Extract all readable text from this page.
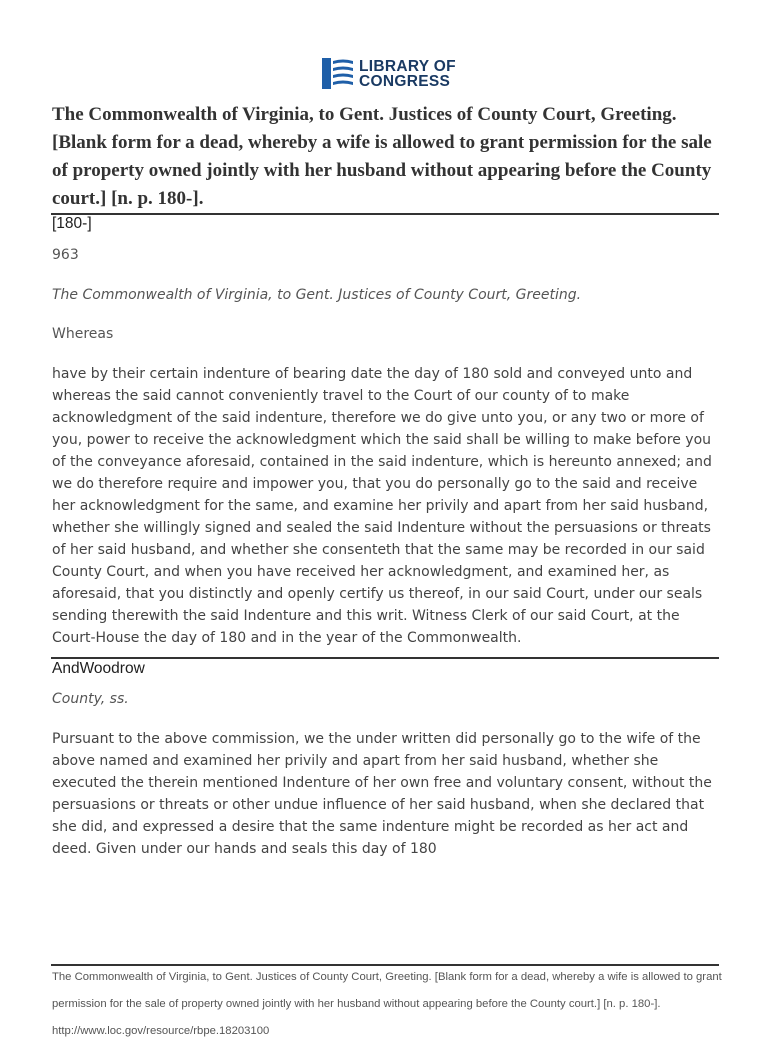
LIBRARY OF
CONGRESS
The Commonwealth of Virginia, to Gent. Justices of County Court, Greeting. [Blank form for a dead, whereby a wife is allowed to grant permission for the sale of property owned jointly with her husband without appearing before the County court.] [n. p. 180-].
[180-]
963
The Commonwealth of Virginia, to Gent. Justices of County Court, Greeting.
Whereas

have by their certain indenture of bearing date the day of 180 sold and conveyed unto and whereas the said cannot conveniently travel to the Court of our county of to make acknowledgment of the said indenture, therefore we do give unto you, or any two or more of you, power to receive the acknowledgment which the said shall be willing to make before you of the conveyance aforesaid, contained in the said indenture, which is hereunto annexed; and we do therefore require and impower you, that you do personally go to the said and receive her acknowledgment for the same, and examine her privily and apart from her said husband, whether she willingly signed and sealed the said Indenture without the persuasions or threats of her said husband, and whether she consenteth that the same may be recorded in our said County Court, and when you have received her acknowledgment, and examined her, as aforesaid, that you distinctly and openly certify us thereof, in our said Court, under our seals sending therewith the said Indenture and this writ. Witness Clerk of our said Court, at the Court-House the day of 180 and in the year of the Commonwealth.

AndWoodrow
County, ss.

Pursuant to the above commission, we the under written did personally go to the wife of the above named and examined her privily and apart from her said husband, whether she executed the therein mentioned Indenture of her own free and voluntary consent, without the persuasions or threats or other undue influence of her said husband, when she declared that she did, and expressed a desire that the same indenture might be recorded as her act and deed. Given under our hands and seals this day of 180

The Commonwealth of Virginia, to Gent. Justices of County Court, Greeting. [Blank form for a dead, whereby a wife is allowed to grant permission for the sale of property owned jointly with her husband without appearing before the County court.] [n. p. 180-].
http://www.loc.gov/resource/rbpe.18203100
